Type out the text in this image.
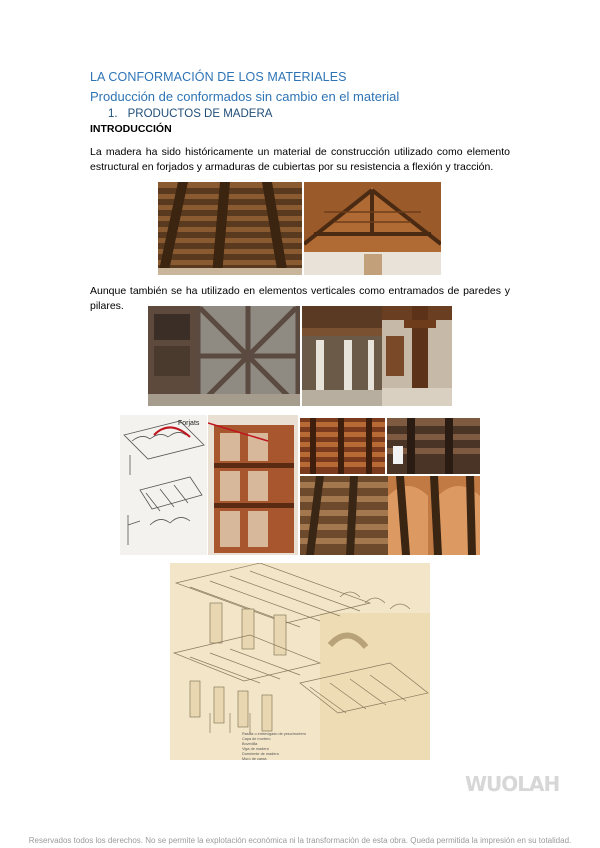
LA CONFORMACIÓN DE LOS MATERIALES
Producción de conformados sin cambio en el material
1. PRODUCTOS DE MADERA
INTRODUCCIÓN
La madera ha sido históricamente un material de construcción utilizado como elemento estructural en forjados y armaduras de cubiertas por su resistencia a flexión y tracción.
Aunque también se ha utilizado en elementos verticales como entramados de paredes y pilares.
Forjats
Rasilla o entrevigado de yeso/mortero
Capa de mortero
Bovedilla
Viga de madera
Durmiente de madera
Muro de carga
WUOLAH
Reservados todos los derechos. No se permite la explotación económica ni la transformación de esta obra. Queda permitida la impresión en su totalidad.
